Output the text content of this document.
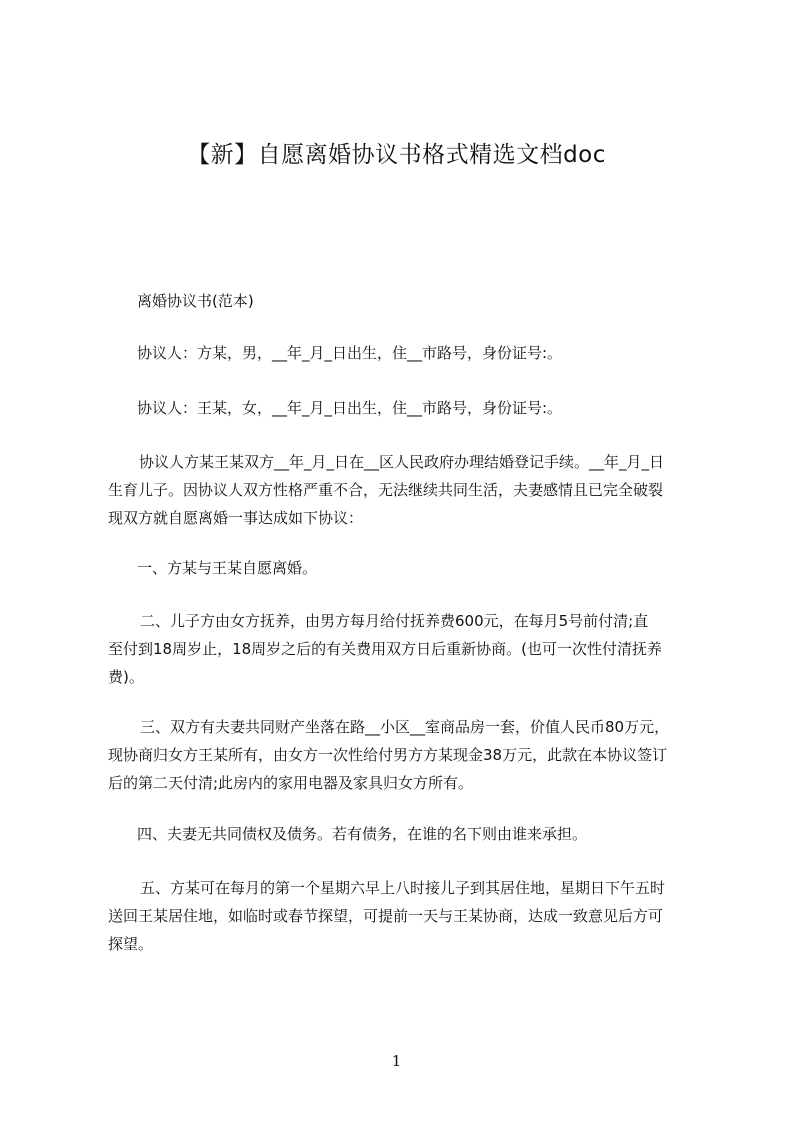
【新】自愿离婚协议书格式精选文档doc
离婚协议书(范本)
协议人：方某，男，__年_月_日出生，住__市路号，身份证号:。
协议人：王某，女，__年_月_日出生，住__市路号，身份证号:。
协议人方某王某双方__年_月_日在__区人民政府办理结婚登记手续。__年_月_日
生育儿子。因协议人双方性格严重不合，无法继续共同生活，夫妻感情且已完全破裂
现双方就自愿离婚一事达成如下协议：
一、方某与王某自愿离婚。
二、儿子方由女方抚养，由男方每月给付抚养费600元，在每月5号前付清;直
至付到18周岁止，18周岁之后的有关费用双方日后重新协商。(也可一次性付清抚养
费)。
三、双方有夫妻共同财产坐落在路__小区__室商品房一套，价值人民币80万元，
现协商归女方王某所有，由女方一次性给付男方方某现金38万元，此款在本协议签订
后的第二天付清;此房内的家用电器及家具归女方所有。
四、夫妻无共同债权及债务。若有债务，在谁的名下则由谁来承担。
五、方某可在每月的第一个星期六早上八时接儿子到其居住地，星期日下午五时
送回王某居住地，如临时或春节探望，可提前一天与王某协商，达成一致意见后方可
探望。
1
